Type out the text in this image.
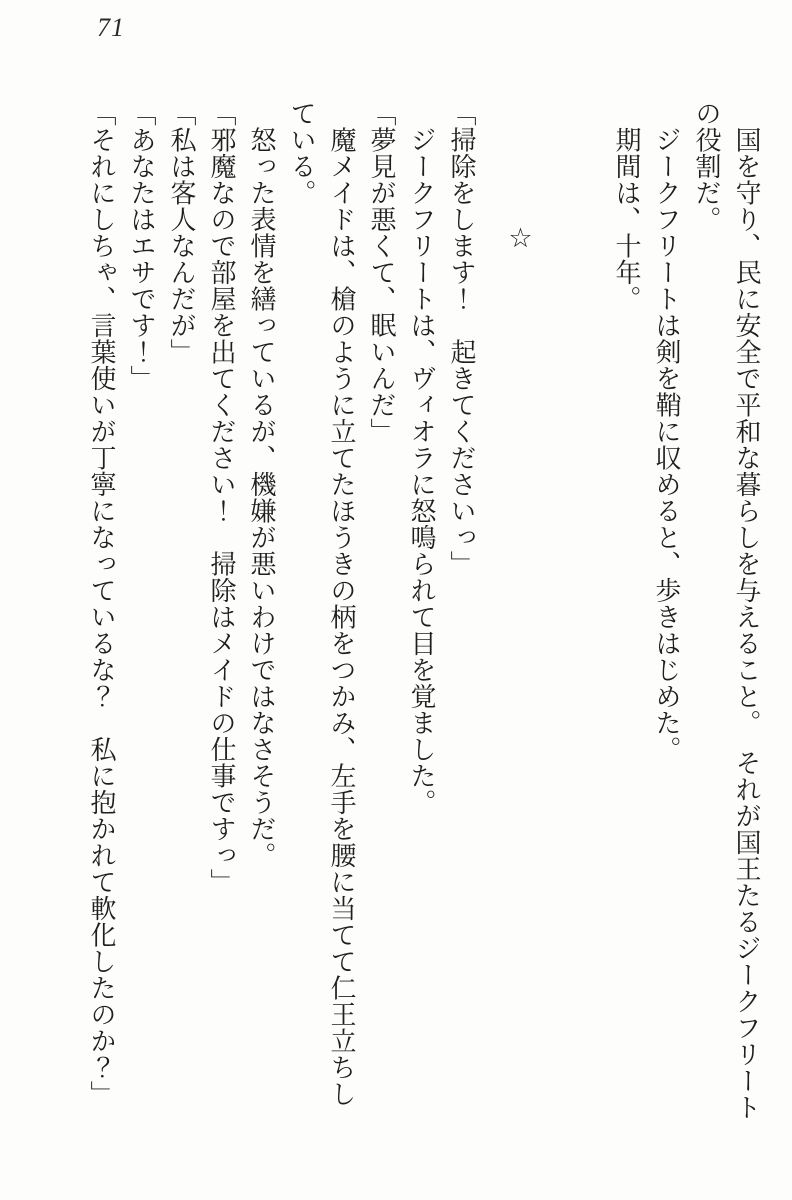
71

　国を守り、民に安全で平和な暮らしを与えること。　それが国王たるジークフリート

の役割だ。

　ジークフリートは剣を鞘に収めると、歩きはじめた。

　期間は、十年。

☆

「掃除をします！　起きてくださいっ」

　ジークフリートは、ヴィオラに怒鳴られて目を覚ました。

「夢見が悪くて、眠いんだ」

　魔メイドは、槍のように立てたほうきの柄をつかみ、左手を腰に当てて仁王立ちし

ている。

　怒った表情を繕っているが、機嫌が悪いわけではなさそうだ。

「邪魔なので部屋を出てください！　掃除はメイドの仕事ですっ」

「私は客人なんだが」

「あなたはエサです！」

「それにしちゃ、言葉使いが丁寧になっているな？　私に抱かれて軟化したのか？」
